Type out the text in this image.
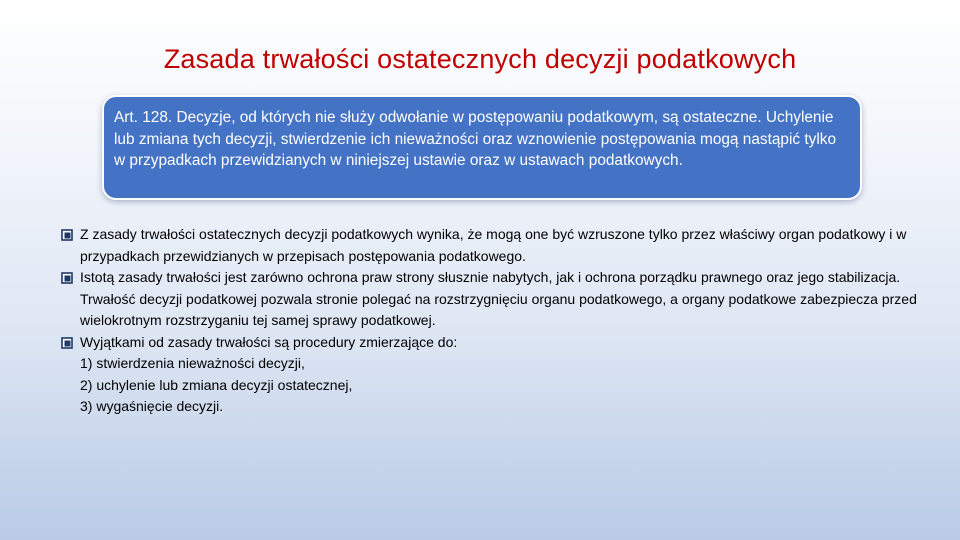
Zasada trwałości ostatecznych decyzji podatkowych
Art. 128. Decyzje, od których nie służy odwołanie w postępowaniu podatkowym, są ostateczne. Uchylenie lub zmiana tych decyzji, stwierdzenie ich nieważności oraz wznowienie postępowania mogą nastąpić tylko w przypadkach przewidzianych w niniejszej ustawie oraz w ustawach podatkowych.
Z zasady trwałości ostatecznych decyzji podatkowych wynika, że mogą one być wzruszone tylko przez właściwy organ podatkowy i w przypadkach przewidzianych w przepisach postępowania podatkowego.
Istotą zasady trwałości jest zarówno ochrona praw strony słusznie nabytych, jak i ochrona porządku prawnego oraz jego stabilizacja. Trwałość decyzji podatkowej pozwala stronie polegać na rozstrzygnięciu organu podatkowego, a organy podatkowe zabezpiecza przed wielokrotnym rozstrzyganiu tej samej sprawy podatkowej.
Wyjątkami od zasady trwałości są procedury zmierzające do:
1) stwierdzenia nieważności decyzji,
2) uchylenie lub zmiana decyzji ostatecznej,
3) wygaśnięcie decyzji.
